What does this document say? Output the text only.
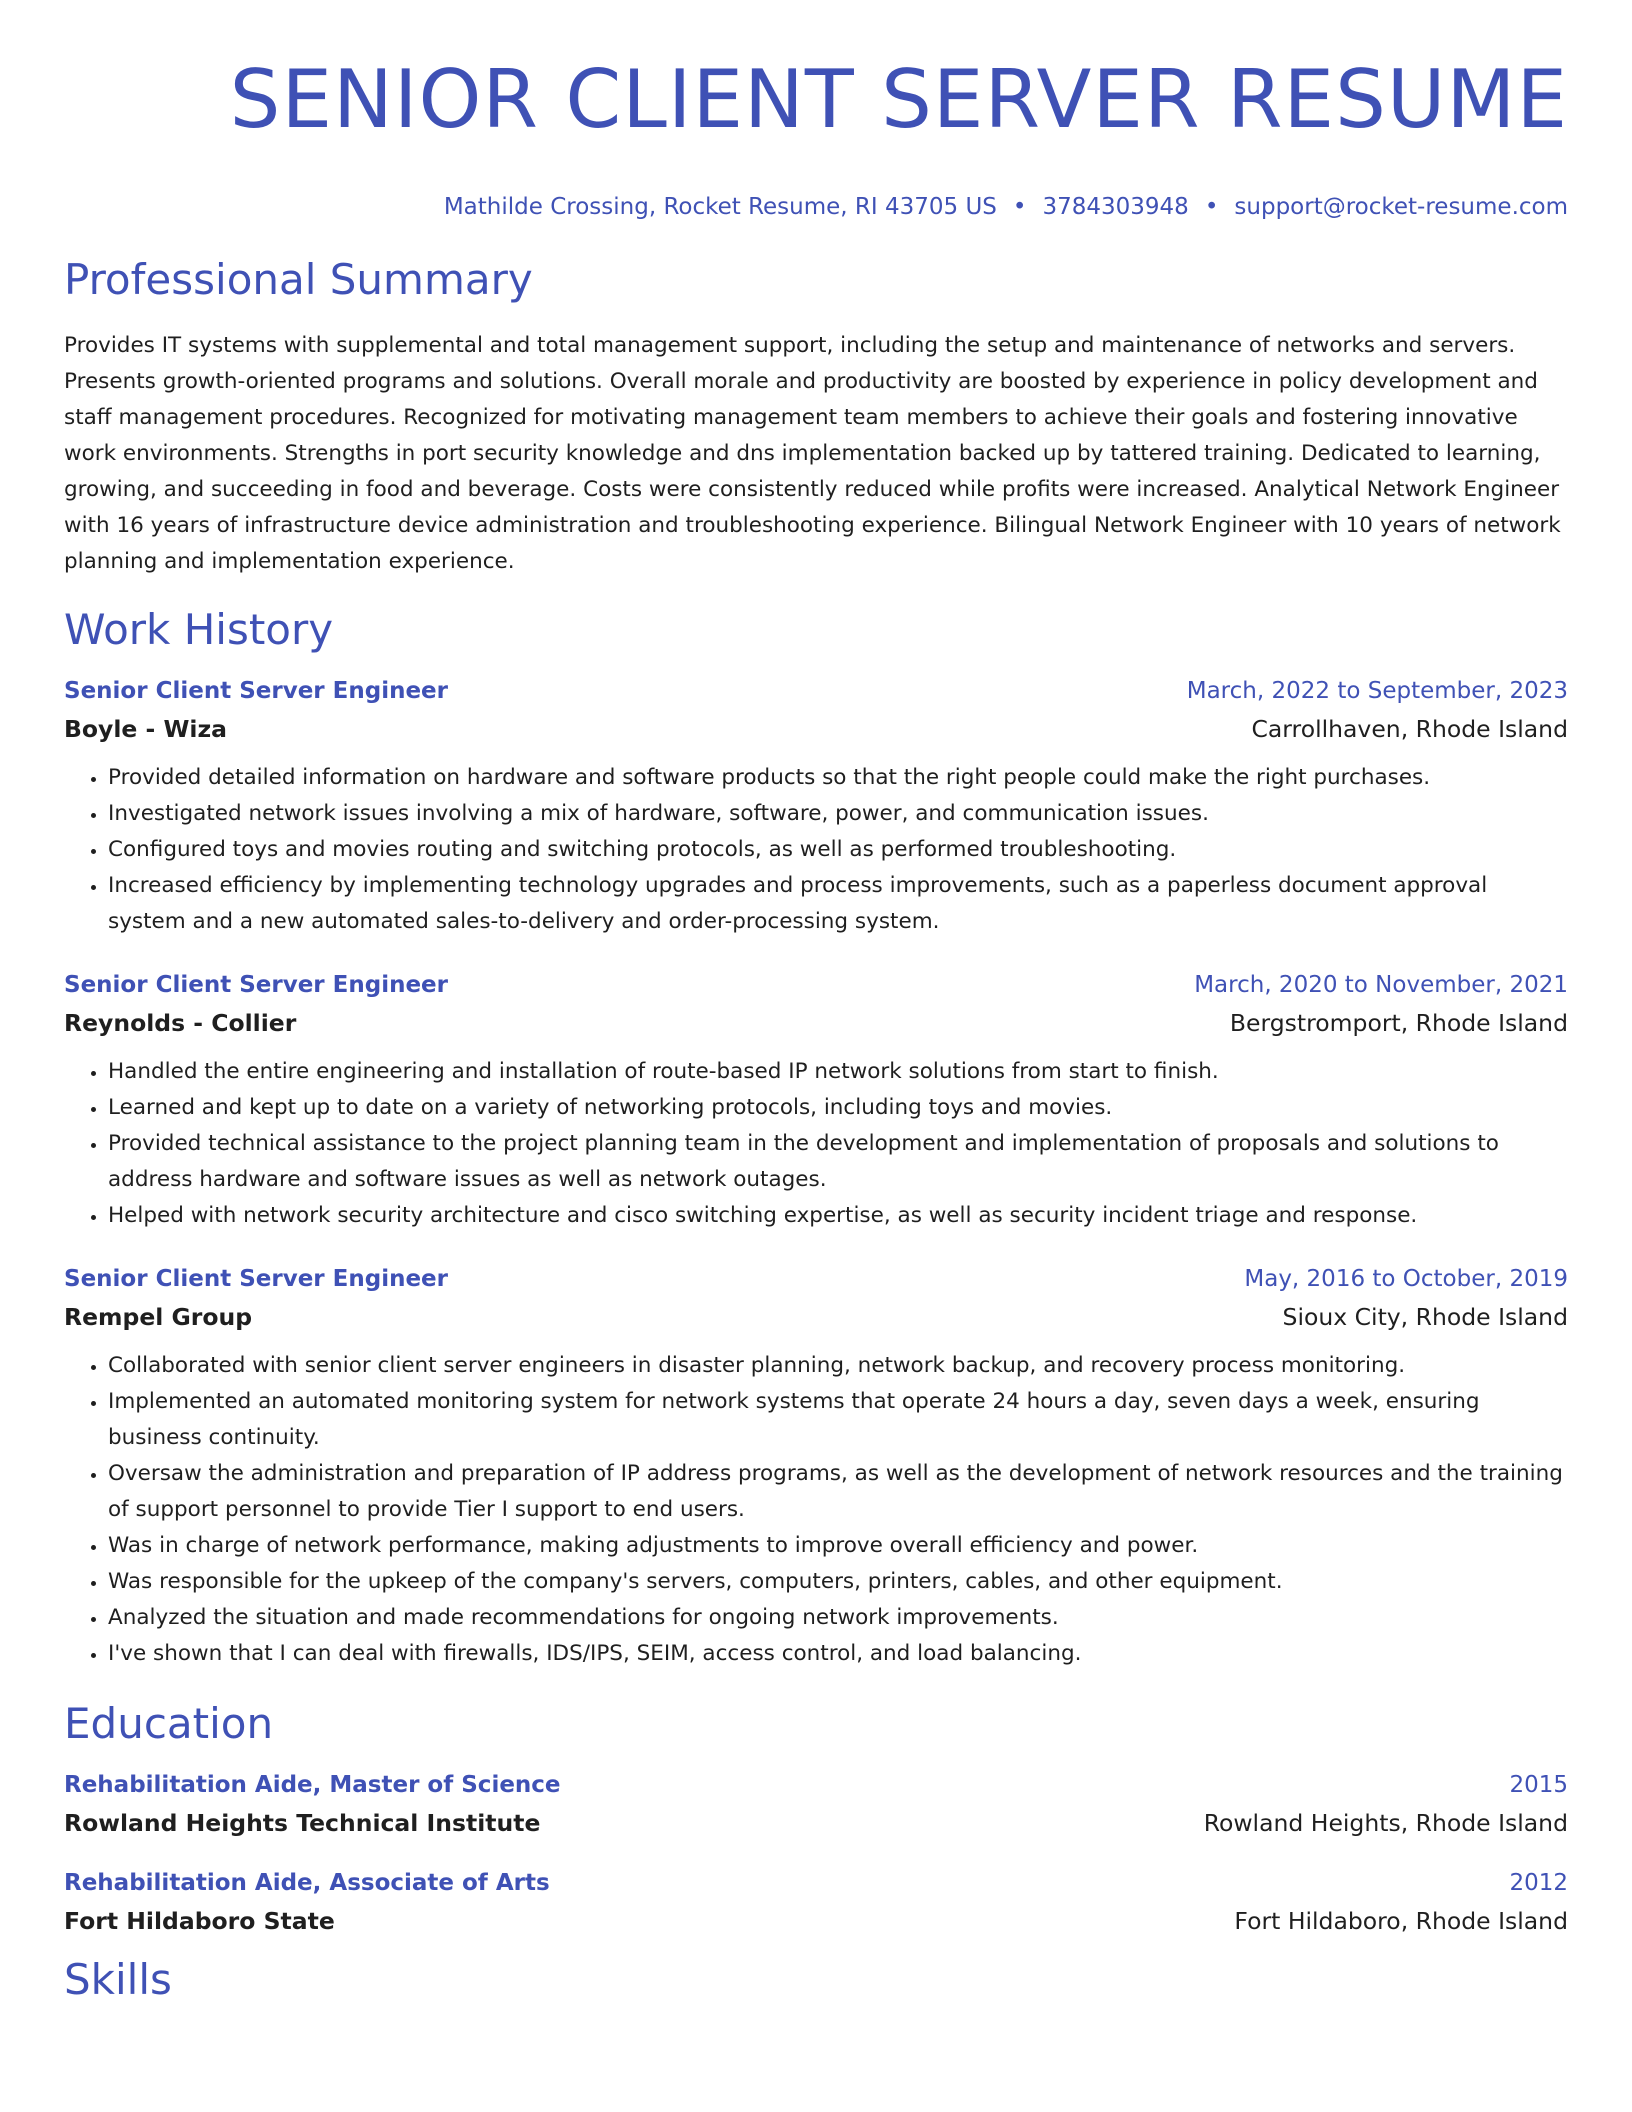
SENIOR CLIENT SERVER RESUME
Mathilde Crossing, Rocket Resume, RI 43705 US • 3784303948 • support@rocket-resume.com
Professional Summary

Provides IT systems with supplemental and total management support, including the setup and maintenance of networks and servers. Presents growth-oriented programs and solutions. Overall morale and productivity are boosted by experience in policy development and staff management procedures. Recognized for motivating management team members to achieve their goals and fostering innovative work environments. Strengths in port security knowledge and dns implementation backed up by tattered training. Dedicated to learning, growing, and succeeding in food and beverage. Costs were consistently reduced while profits were increased. Analytical Network Engineer with 16 years of infrastructure device administration and troubleshooting experience. Bilingual Network Engineer with 10 years of network planning and implementation experience.

Work History
Senior Client Server Engineer	March, 2022 to September, 2023
Boyle - Wiza	Carrollhaven, Rhode Island
• Provided detailed information on hardware and software products so that the right people could make the right purchases.
• Investigated network issues involving a mix of hardware, software, power, and communication issues.
• Configured toys and movies routing and switching protocols, as well as performed troubleshooting.
• Increased efficiency by implementing technology upgrades and process improvements, such as a paperless document approval system and a new automated sales-to-delivery and order-processing system.
Senior Client Server Engineer	March, 2020 to November, 2021
Reynolds - Collier	Bergstromport, Rhode Island
• Handled the entire engineering and installation of route-based IP network solutions from start to finish.
• Learned and kept up to date on a variety of networking protocols, including toys and movies.
• Provided technical assistance to the project planning team in the development and implementation of proposals and solutions to address hardware and software issues as well as network outages.
• Helped with network security architecture and cisco switching expertise, as well as security incident triage and response.
Senior Client Server Engineer	May, 2016 to October, 2019
Rempel Group	Sioux City, Rhode Island
• Collaborated with senior client server engineers in disaster planning, network backup, and recovery process monitoring.
• Implemented an automated monitoring system for network systems that operate 24 hours a day, seven days a week, ensuring business continuity.
• Oversaw the administration and preparation of IP address programs, as well as the development of network resources and the training of support personnel to provide Tier I support to end users.
• Was in charge of network performance, making adjustments to improve overall efficiency and power.
• Was responsible for the upkeep of the company's servers, computers, printers, cables, and other equipment.
• Analyzed the situation and made recommendations for ongoing network improvements.
• I've shown that I can deal with firewalls, IDS/IPS, SEIM, access control, and load balancing.
Education
Rehabilitation Aide, Master of Science	2015
Rowland Heights Technical Institute	Rowland Heights, Rhode Island
Rehabilitation Aide, Associate of Arts	2012
Fort Hildaboro State	Fort Hildaboro, Rhode Island
Skills
